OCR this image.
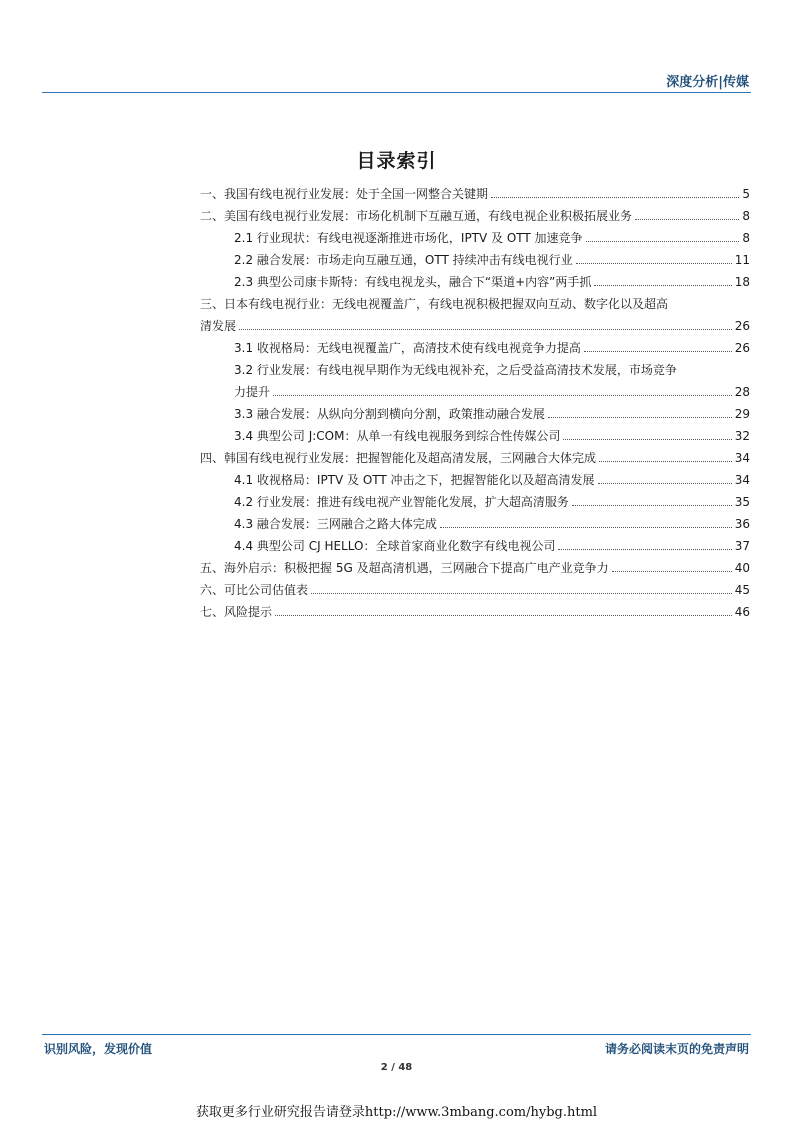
深度分析|传媒
目录索引
一、我国有线电视行业发展：处于全国一网整合关键期	5
二、美国有线电视行业发展：市场化机制下互融互通，有线电视企业积极拓展业务	8
2.1 行业现状：有线电视逐渐推进市场化，IPTV 及 OTT 加速竞争	8
2.2 融合发展：市场走向互融互通，OTT 持续冲击有线电视行业	11
2.3 典型公司康卡斯特：有线电视龙头，融合下“渠道+内容”两手抓	18
三、日本有线电视行业：无线电视覆盖广，有线电视积极把握双向互动、数字化以及超高
清发展	26
3.1 收视格局：无线电视覆盖广，高清技术使有线电视竞争力提高	26
3.2 行业发展：有线电视早期作为无线电视补充，之后受益高清技术发展，市场竞争
力提升	28
3.3 融合发展：从纵向分割到横向分割，政策推动融合发展	29
3.4 典型公司 J:COM：从单一有线电视服务到综合性传媒公司	32
四、韩国有线电视行业发展：把握智能化及超高清发展，三网融合大体完成	34
4.1 收视格局：IPTV 及 OTT 冲击之下，把握智能化以及超高清发展	34
4.2 行业发展：推进有线电视产业智能化发展，扩大超高清服务	35
4.3 融合发展：三网融合之路大体完成	36
4.4 典型公司 CJ HELLO：全球首家商业化数字有线电视公司	37
五、海外启示：积极把握 5G 及超高清机遇，三网融合下提高广电产业竞争力	40
六、可比公司估值表	45
七、风险提示	46
识别风险，发现价值	请务必阅读末页的免责声明
2 / 48
获取更多行业研究报告请登录http://www.3mbang.com/hybg.html
